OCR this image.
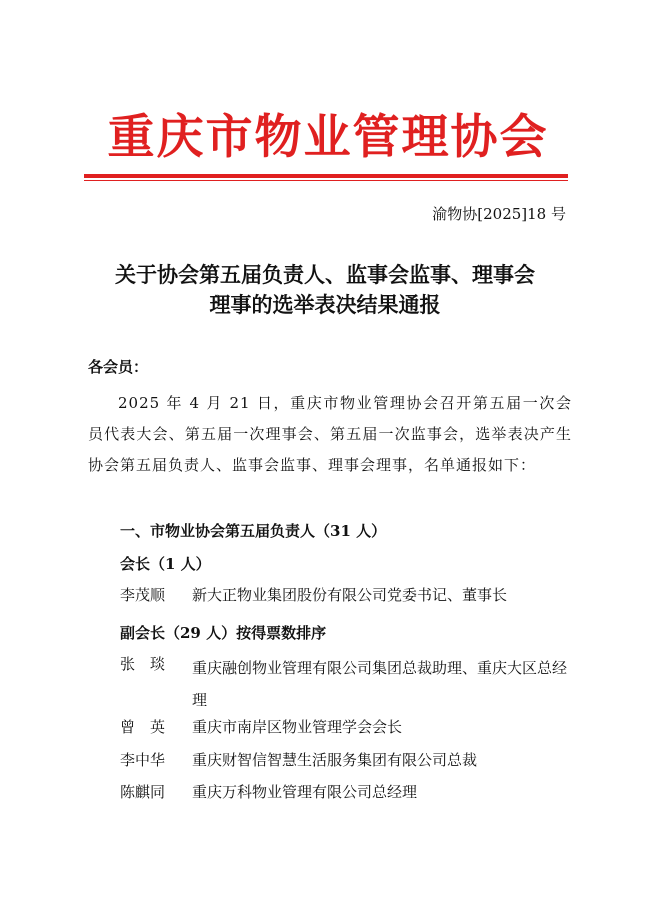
重庆市物业管理协会
渝物协[2025]18 号
关于协会第五届负责人、监事会监事、理事会
理事的选举表决结果通报
各会员：
2025 年 4 月 21 日，重庆市物业管理协会召开第五届一次会员代表大会、第五届一次理事会、第五届一次监事会，选举表决产生协会第五届负责人、监事会监事、理事会理事，名单通报如下：
一、市物业协会第五届负责人（31 人）
会长（1 人）
李茂顺	新大正物业集团股份有限公司党委书记、董事长
副会长（29 人）按得票数排序
张　琰	重庆融创物业管理有限公司集团总裁助理、重庆大区总经理
曾　英	重庆市南岸区物业管理学会会长
李中华	重庆财智信智慧生活服务集团有限公司总裁
陈麒同	重庆万科物业管理有限公司总经理
